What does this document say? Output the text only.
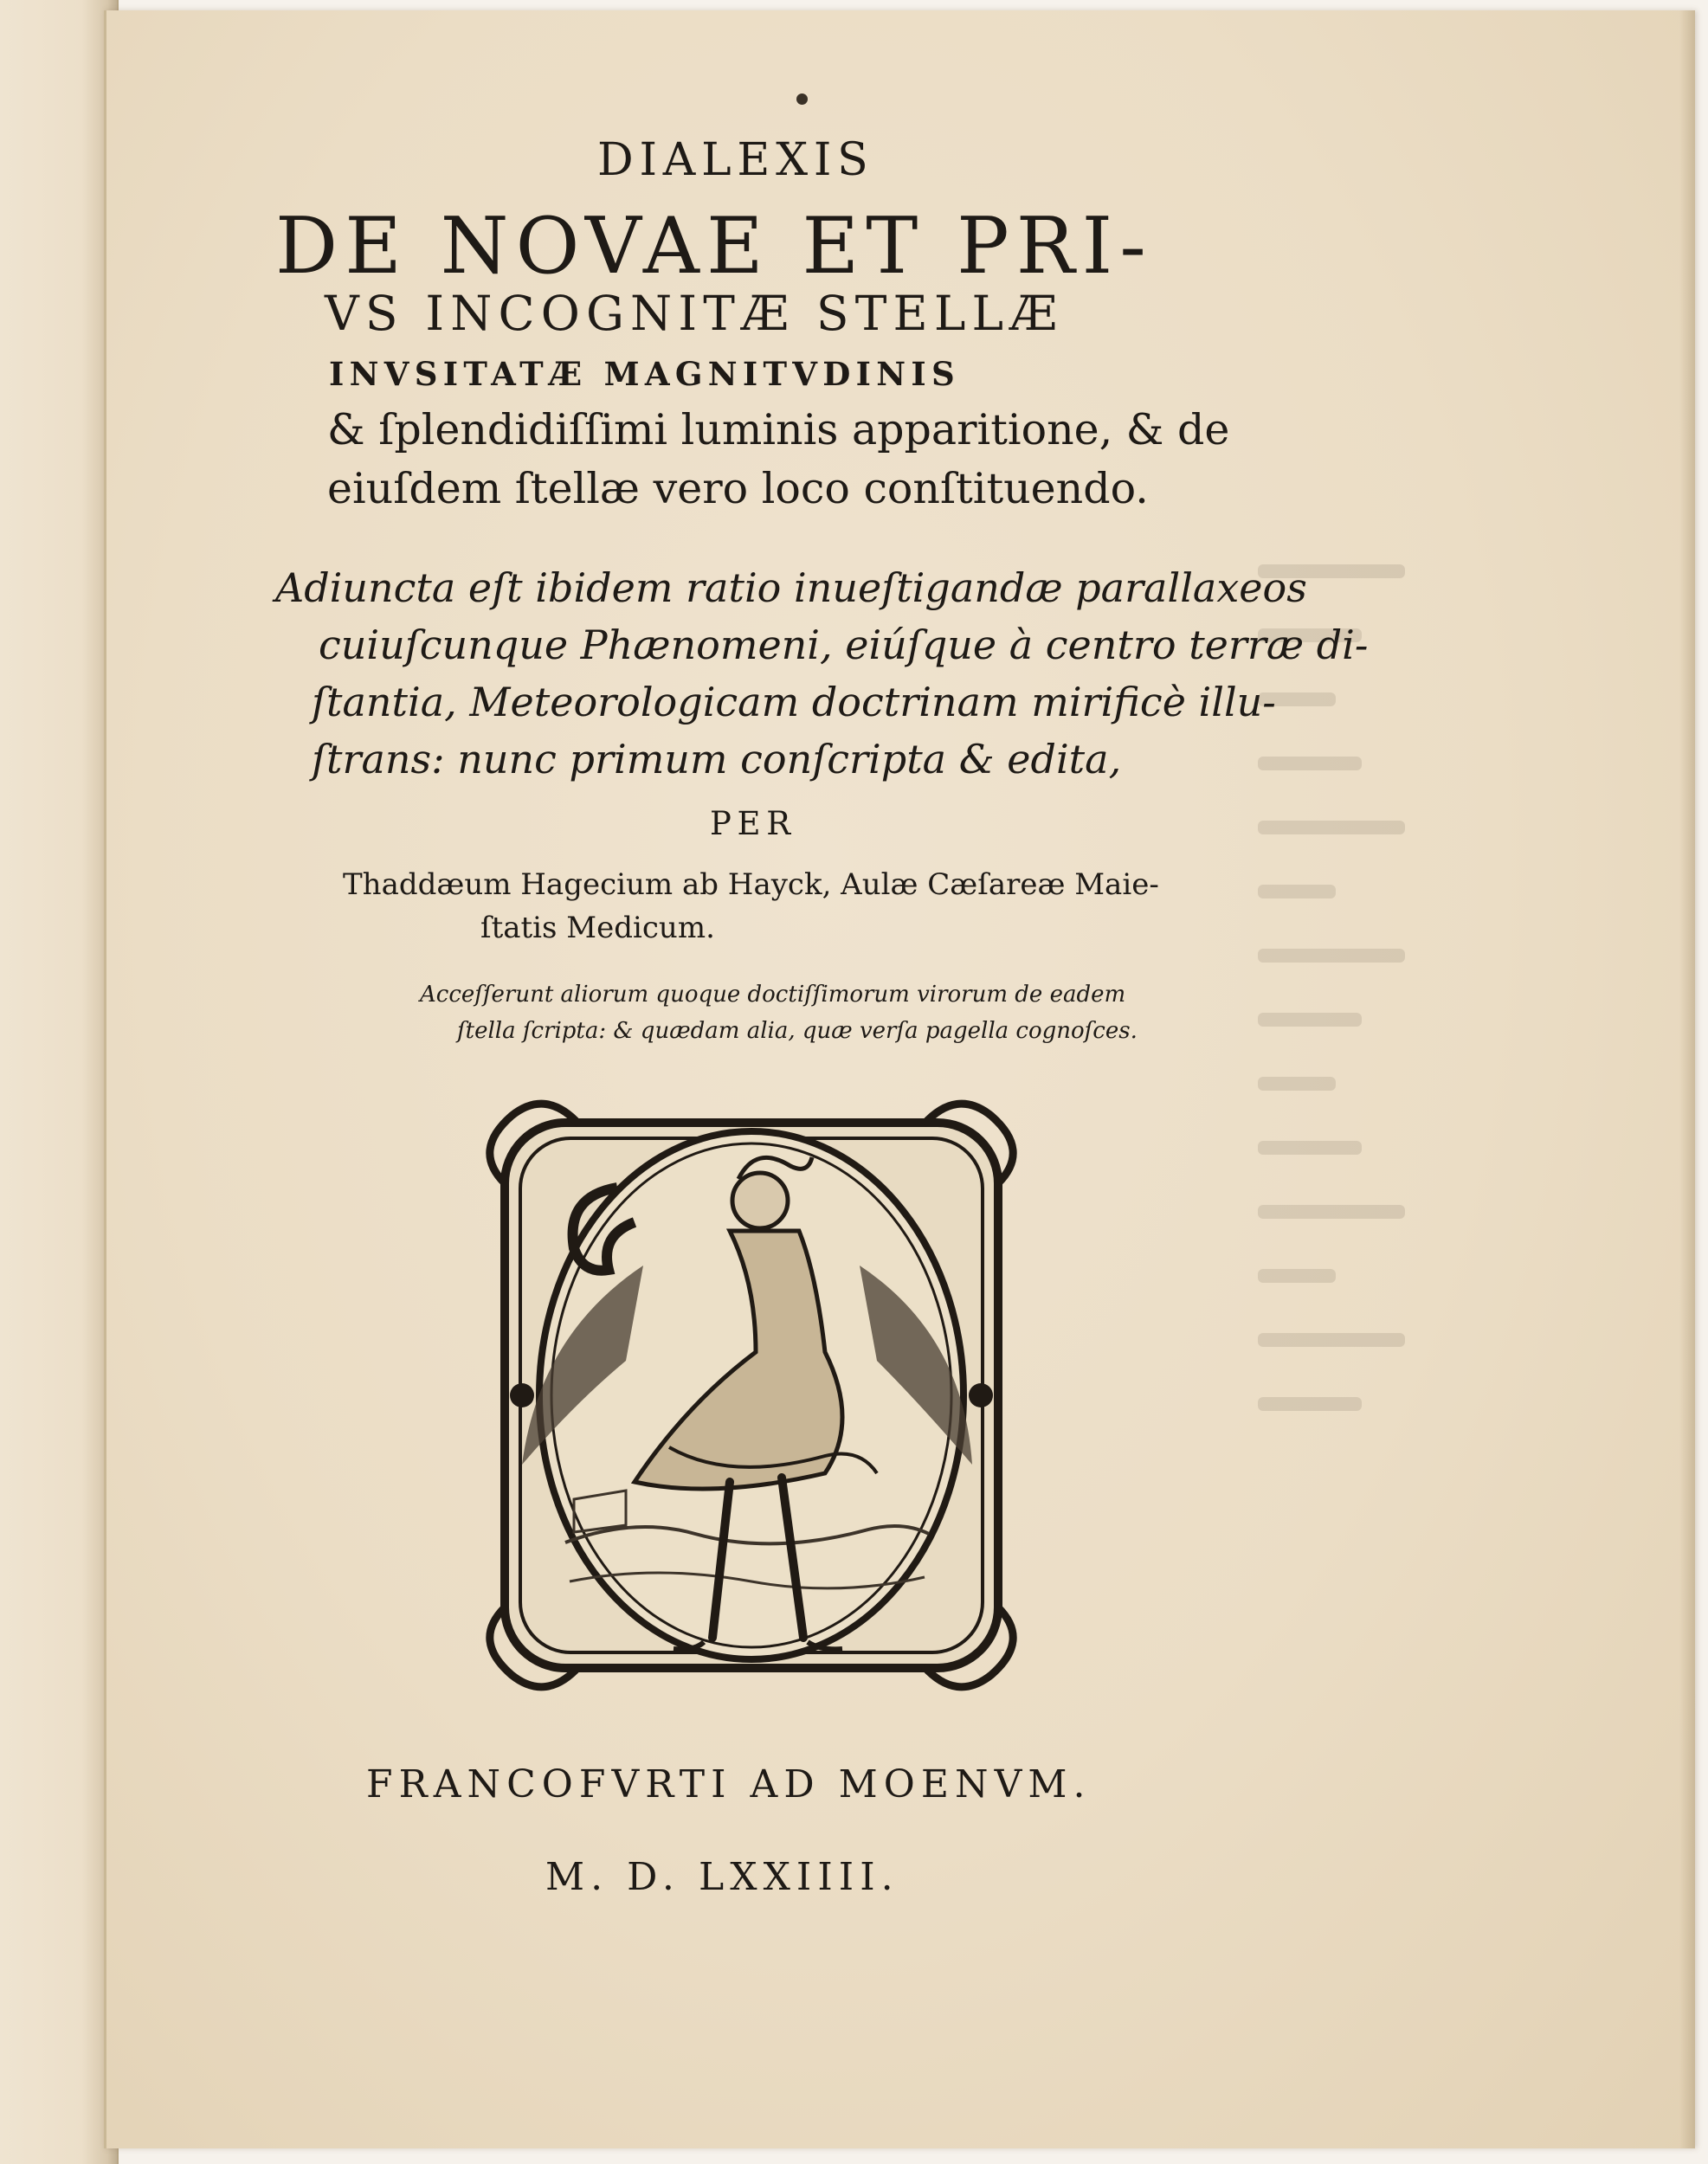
DIALEXIS
DE NOVAE ET PRI-
VS INCOGNITÆ STELLÆ
INVSITATÆ MAGNITVDINIS
& ſplendidiſſimi luminis apparitione, & de
eiuſdem ſtellæ vero loco conſtituendo.
Adiuncta eſt ibidem ratio inueſtigandæ parallaxeos
cuiuſcunque Phænomeni, eiúſque à centro terræ di-
ſtantia, Meteorologicam doctrinam mirificè illu-
ſtrans: nunc primum conſcripta & edita,
PER
Thaddæum Hagecium ab Hayck, Aulæ Cæſareæ Maie-
ſtatis Medicum.
Acceſſerunt aliorum quoque doctiſſimorum virorum de eadem
ſtella ſcripta: & quædam alia, quæ verſa pagella cognoſces.
FRANCOFVRTI AD MOENVM.
M. D. LXXIIII.
